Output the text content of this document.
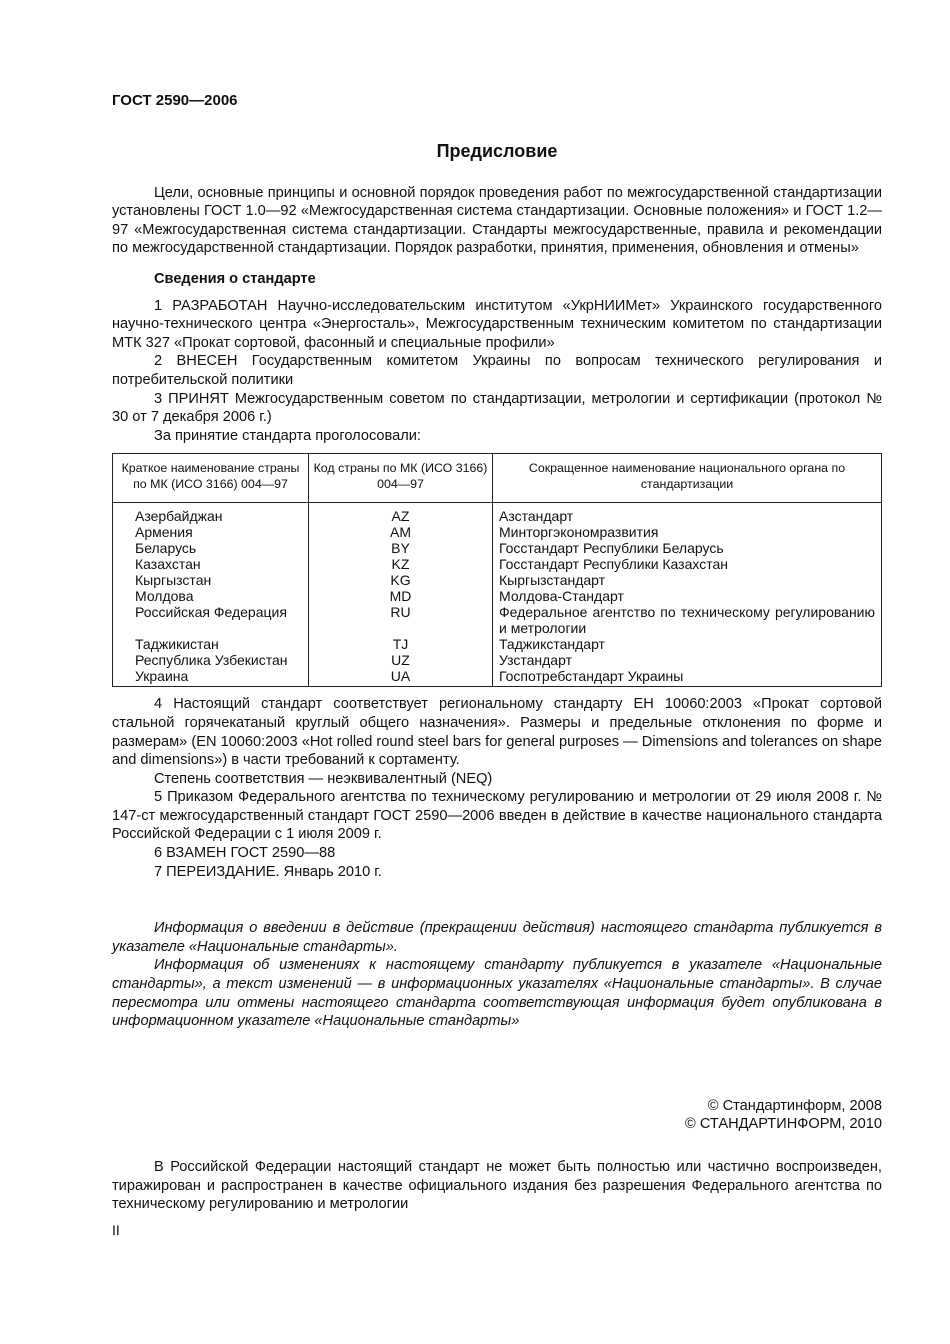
ГОСТ 2590—2006

Предисловие

Цели, основные принципы и основной порядок проведения работ по межгосударственной стандартизации установлены ГОСТ 1.0—92 «Межгосударственная система стандартизации. Основные положения» и ГОСТ 1.2—97 «Межгосударственная система стандартизации. Стандарты межгосударственные, правила и рекомендации по межгосударственной стандартизации. Порядок разработки, принятия, применения, обновления и отмены»

Сведения о стандарте

1 РАЗРАБОТАН Научно-исследовательским институтом «УкрНИИМет» Украинского государственного научно-технического центра «Энергосталь», Межгосударственным техническим комитетом по стандартизации МТК 327 «Прокат сортовой, фасонный и специальные профили»

2 ВНЕСЕН Государственным комитетом Украины по вопросам технического регулирования и потребительской политики

3 ПРИНЯТ Межгосударственным советом по стандартизации, метрологии и сертификации (протокол № 30 от 7 декабря 2006 г.)

За принятие стандарта проголосовали:

Краткое наименование страны по МК (ИСО 3166) 004—97	Код страны по МК (ИСО 3166) 004—97	Сокращенное наименование национального органа по стандартизации
Азербайджан	AZ	Азстандарт
Армения	AM	Минторгэкономразвития
Беларусь	BY	Госстандарт Республики Беларусь
Казахстан	KZ	Госстандарт Республики Казахстан
Кыргызстан	KG	Кыргызстандарт
Молдова	MD	Молдова-Стандарт
Российская Федерация	RU	Федеральное агентство по техническому регулированию и метрологии
Таджикистан	TJ	Таджикстандарт
Республика Узбекистан	UZ	Узстандарт
Украина	UA	Госпотребстандарт Украины

4 Настоящий стандарт соответствует региональному стандарту ЕН 10060:2003 «Прокат сортовой стальной горячекатаный круглый общего назначения». Размеры и предельные отклонения по форме и размерам» (EN 10060:2003 «Hot rolled round steel bars for general purposes — Dimensions and tolerances on shape and dimensions») в части требований к сортаменту.

Степень соответствия — неэквивалентный (NEQ)

5 Приказом Федерального агентства по техническому регулированию и метрологии от 29 июля 2008 г. № 147-ст межгосударственный стандарт ГОСТ 2590—2006 введен в действие в качестве национального стандарта Российской Федерации с 1 июля 2009 г.

6 ВЗАМЕН ГОСТ 2590—88

7 ПЕРЕИЗДАНИЕ. Январь 2010 г.

Информация о введении в действие (прекращении действия) настоящего стандарта публикуется в указателе «Национальные стандарты».

Информация об изменениях к настоящему стандарту публикуется в указателе «Национальные стандарты», а текст изменений — в информационных указателях «Национальные стандарты». В случае пересмотра или отмены настоящего стандарта соответствующая информация будет опубликована в информационном указателе «Национальные стандарты»

© Стандартинформ, 2008
© СТАНДАРТИНФОРМ, 2010

В Российской Федерации настоящий стандарт не может быть полностью или частично воспроизведен, тиражирован и распространен в качестве официального издания без разрешения Федерального агентства по техническому регулированию и метрологии

II
